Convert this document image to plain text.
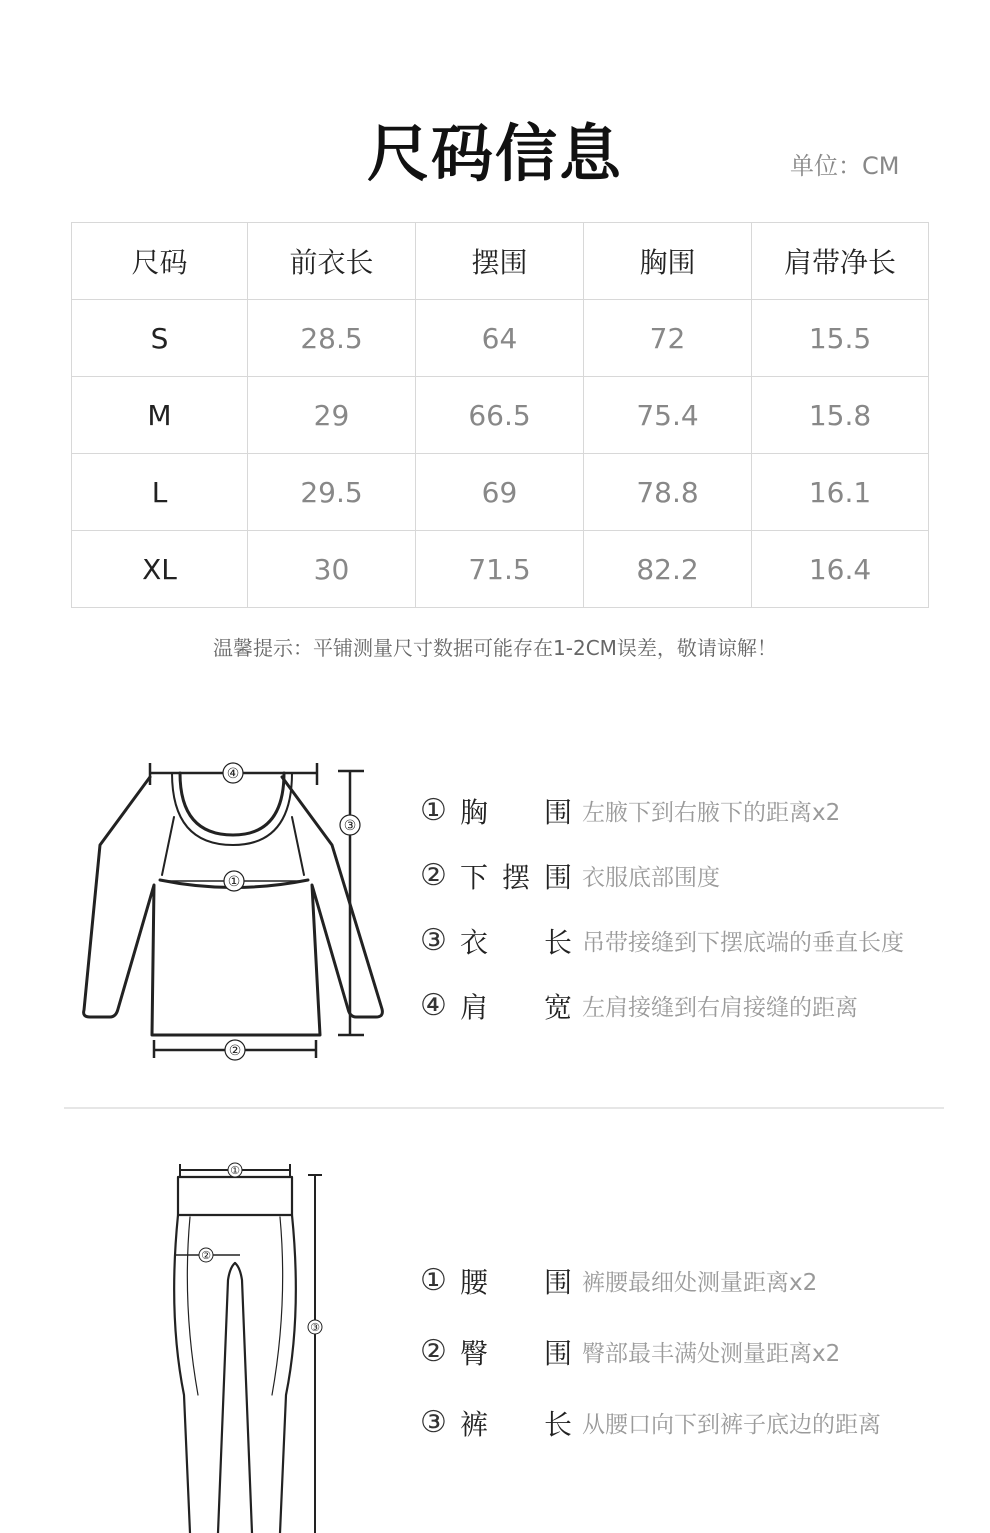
尺码信息	单位：CM
尺码	前衣长	摆围	胸围	肩带净长
S	28.5	64	72	15.5
M	29	66.5	75.4	15.8
L	29.5	69	78.8	16.1
XL	30	71.5	82.2	16.4
温馨提示：平铺测量尺寸数据可能存在1-2CM误差，敬请谅解！
④
③
①
②
① 胸 围 左腋下到右腋下的距离x2
② 下 摆 围 衣服底部围度
③ 衣 长 吊带接缝到下摆底端的垂直长度
④ 肩 宽 左肩接缝到右肩接缝的距离
①
②
③
① 腰 围 裤腰最细处测量距离x2
② 臀 围 臀部最丰满处测量距离x2
③ 裤 长 从腰口向下到裤子底边的距离
